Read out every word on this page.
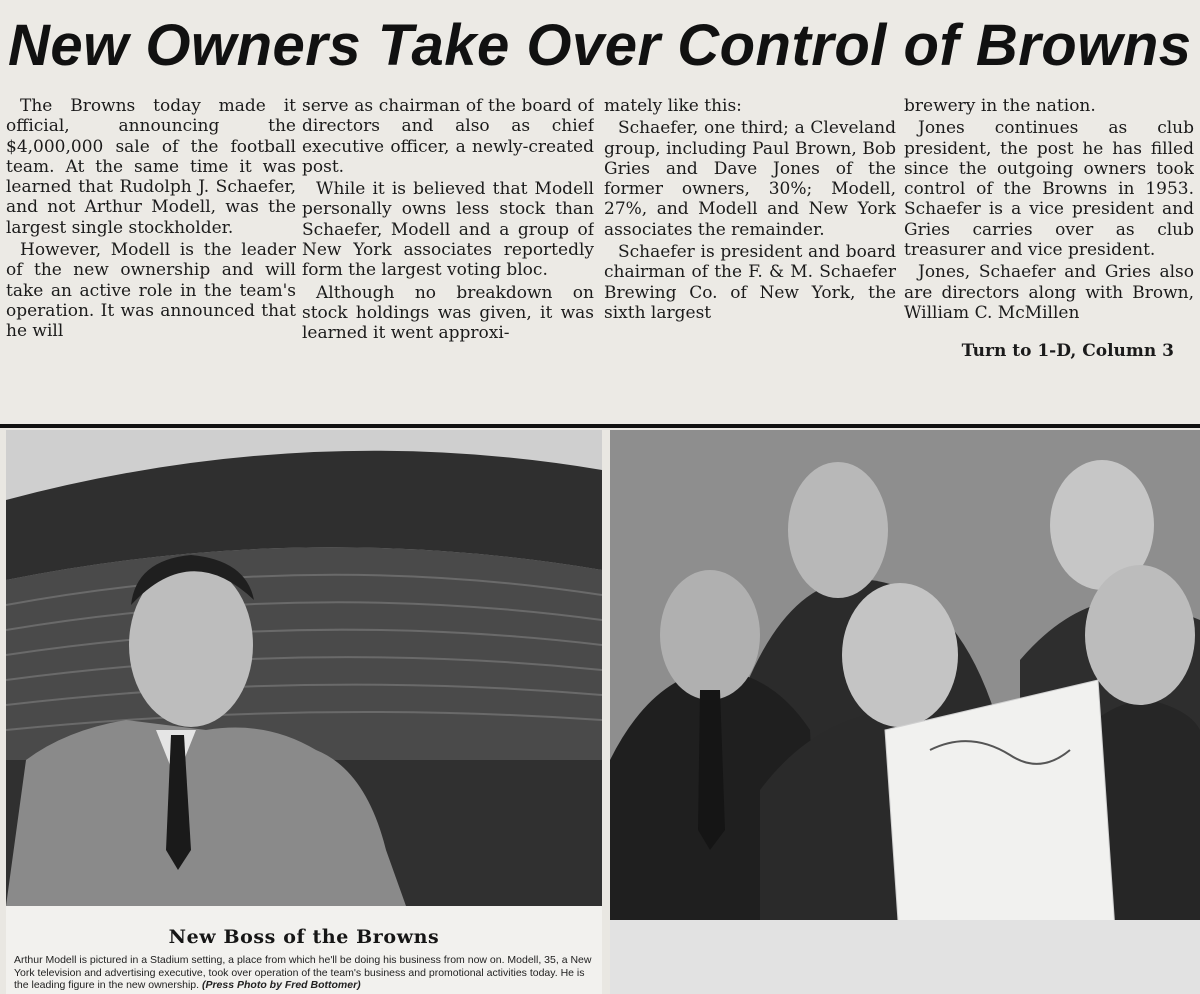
New Owners Take Over Control of Browns

The Browns today made it official, announcing the $4,000,000 sale of the football team. At the same time it was learned that Rudolph J. Schaefer, and not Arthur Modell, was the largest single stockholder.

However, Modell is the leader of the new ownership and will take an active role in the team's operation. It was announced that he will

serve as chairman of the board of directors and also as chief executive officer, a newly-created post.

While it is believed that Modell personally owns less stock than Schaefer, Modell and a group of New York associates reportedly form the largest voting bloc.

Although no breakdown on stock holdings was given, it was learned it went approxi-

mately like this:

Schaefer, one third; a Cleveland group, including Paul Brown, Bob Gries and Dave Jones of the former owners, 30%; Modell, 27%, and Modell and New York associates the remainder.

Schaefer is president and board chairman of the F. & M. Schaefer Brewing Co. of New York, the sixth largest

brewery in the nation.

Jones continues as club president, the post he has filled since the outgoing owners took control of the Browns in 1953. Schaefer is a vice president and Gries carries over as club treasurer and vice president.

Jones, Schaefer and Gries also are directors along with Brown, William C. McMillen

Turn to 1-D, Column 3
New Boss of the Browns
Arthur Modell is pictured in a Stadium setting, a place from which he'll be doing his business from now on. Modell, 35, a New York television and advertising executive, took over operation of the team's business and promotional activities today. He is the leading figure in the new ownership. (Press Photo by Fred Bottomer)
